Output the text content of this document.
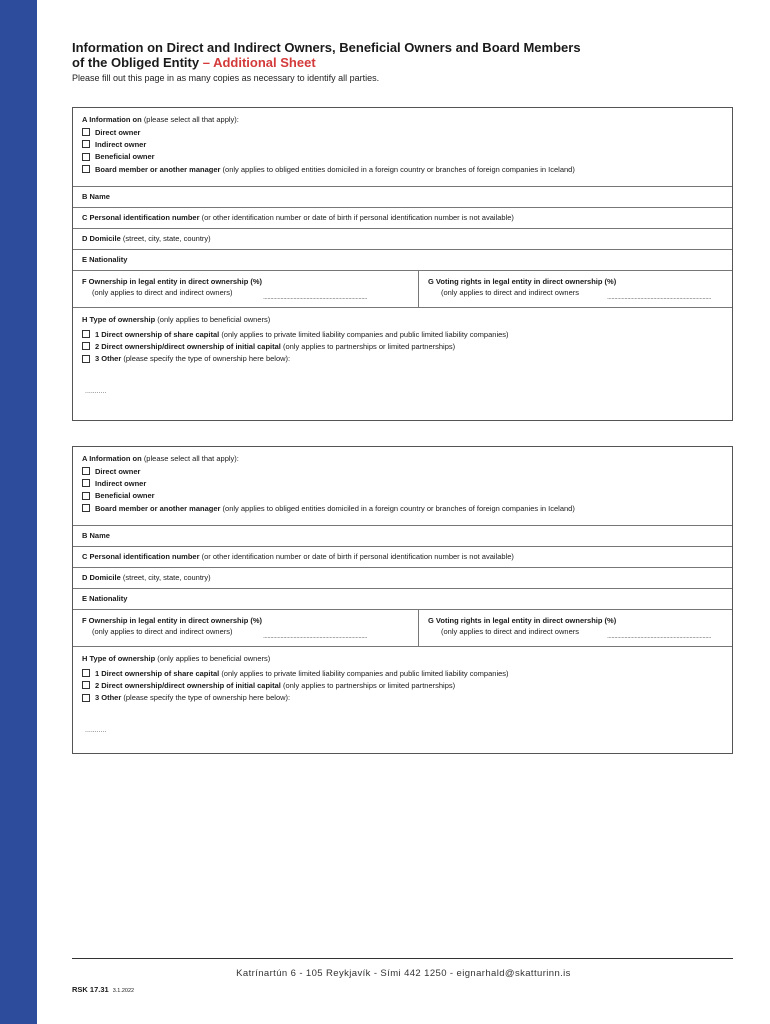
Information on Direct and Indirect Owners, Beneficial Owners and Board Members
of the Obliged Entity – Additional Sheet
Please fill out this page in as many copies as necessary to identify all parties.
A Information on (please select all that apply):
Direct owner
Indirect owner
Beneficial owner
Board member or another manager
(only applies to obliged entities domiciled in a foreign country or branches of foreign companies in Iceland)
B Name
C Personal identification number (or other identification number or date of birth if personal identification number is not available)
D Domicile (street, city, state, country)
E Nationality
F Ownership in legal entity in direct ownership (%)
(only applies to direct and indirect owners)
........................................................................
G Voting rights in legal entity in direct ownership (%)
(only applies to direct and indirect owners
........................................................................
H Type of ownership (only applies to beneficial owners)
1 Direct ownership of share capital
(only applies to private limited liability companies and public limited liability companies)
2 Direct ownership/direct ownership of initial capital
(only applies to partnerships or limited partnerships)
3 Other
(please specify the type of ownership here below):
...........
A Information on (please select all that apply):
Direct owner
Indirect owner
Beneficial owner
Board member or another manager
(only applies to obliged entities domiciled in a foreign country or branches of foreign companies in Iceland)
B Name
C Personal identification number (or other identification number or date of birth if personal identification number is not available)
D Domicile (street, city, state, country)
E Nationality
F Ownership in legal entity in direct ownership (%)
(only applies to direct and indirect owners)
........................................................................
G Voting rights in legal entity in direct ownership (%)
(only applies to direct and indirect owners
........................................................................
H Type of ownership (only applies to beneficial owners)
1 Direct ownership of share capital
(only applies to private limited liability companies and public limited liability companies)
2 Direct ownership/direct ownership of initial capital
(only applies to partnerships or limited partnerships)
3 Other
(please specify the type of ownership here below):
...........
Katrínartún 6 - 105 Reykjavík - Sími 442 1250 - eignarhald@skatturinn.is
RSK 17.31 3.1.2022
